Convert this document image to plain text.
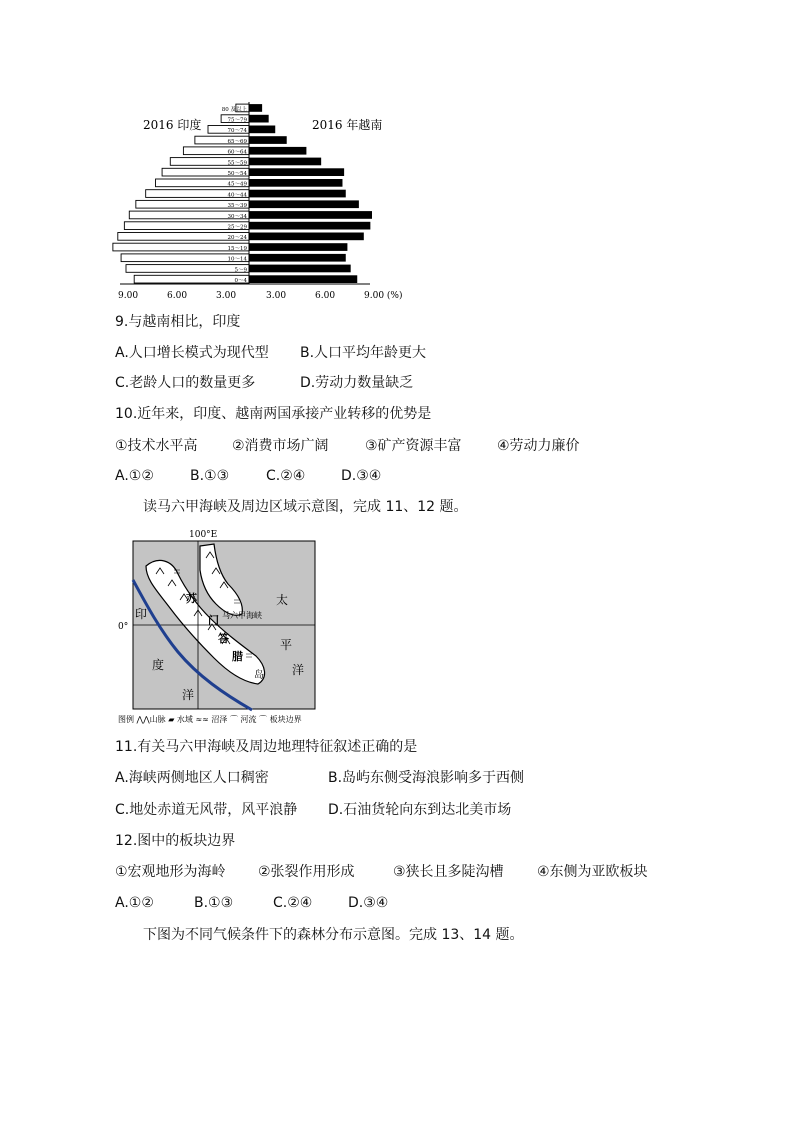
0～4
5～9
10～14
15～19
20～24
25～29
30～34
35～39
40～44
45～49
50～54
55～59
60～64
65～69
70～74
75～79
80 及以上
2016 印度	2016 年越南
9.00	6.00	3.00	3.00	6.00	9.00 (%)
9.与越南相比，印度
A.人口增长模式为现代型 B.人口平均年龄更大
C.老龄人口的数量更多	D.劳动力数量缺乏
10.近年来，印度、越南两国承接产业转移的优势是
①技术水平高 ②消费市场广阔	③矿产资源丰富	④劳动力廉价
A.①②	B.①③	C.②④	D.③④
读马六甲海峡及周边区域示意图，完成 11、12 题。
100°E
0°
马六甲海峡
太
平
洋
印
度
洋
苏
门
答
腊
岛
图例 ⋀⋀山脉 ▰ 水域 ≈≈ 沼泽 ⌒ 河流 ⌒ 板块边界
11.有关马六甲海峡及周边地理特征叙述正确的是
A.海峡两侧地区人口稠密	B.岛屿东侧受海浪影响多于西侧
C.地处赤道无风带，风平浪静 D.石油货轮向东到达北美市场
12.图中的板块边界
①宏观地形为海岭 ②张裂作用形成	③狭长且多陡沟槽 ④东侧为亚欧板块
A.①②	B.①③	C.②④	D.③④
下图为不同气候条件下的森林分布示意图。完成 13、14 题。
